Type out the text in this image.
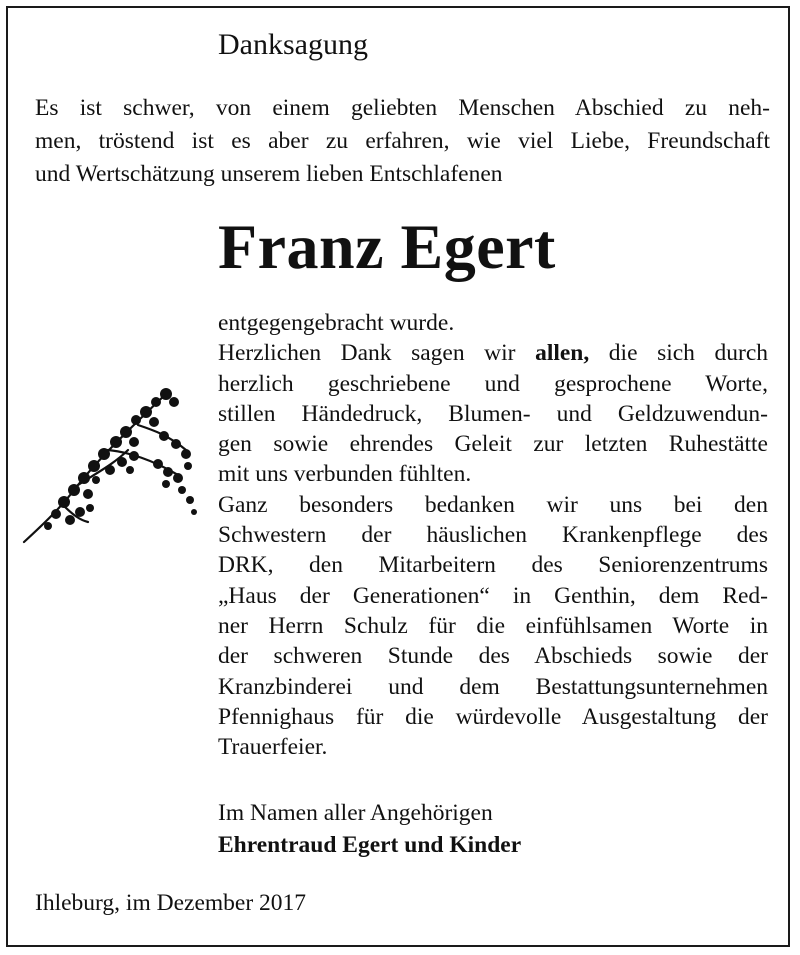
Danksagung

Es ist schwer, von einem geliebten Menschen Abschied zu neh-
men, tröstend ist es aber zu erfahren, wie viel Liebe, Freundschaft
und Wertschätzung unserem lieben Entschlafenen

Franz Egert

entgegengebracht wurde.
Herzlichen Dank sagen wir allen, die sich durch
herzlich geschriebene und gesprochene Worte,
stillen Händedruck, Blumen- und Geldzuwendun-
gen sowie ehrendes Geleit zur letzten Ruhestätte
mit uns verbunden fühlten.
Ganz besonders bedanken wir uns bei den
Schwestern der häuslichen Krankenpflege des
DRK, den Mitarbeitern des Seniorenzentrums
„Haus der Generationen“ in Genthin, dem Red-
ner Herrn Schulz für die einfühlsamen Worte in
der schweren Stunde des Abschieds sowie der
Kranzbinderei und dem Bestattungsunternehmen
Pfennighaus für die würdevolle Ausgestaltung der
Trauerfeier.

Im Namen aller Angehörigen

Ehrentraud Egert und Kinder

Ihleburg, im Dezember 2017
